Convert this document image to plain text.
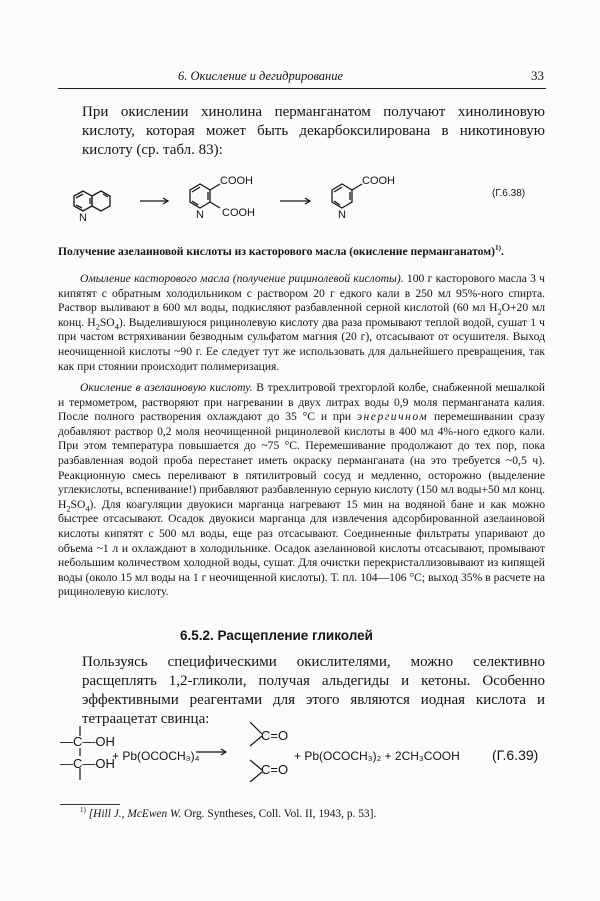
6. Окисление и дегидрирование	33
При окислении хинолина перманганатом получают хинолиновую кислоту, которая может быть декарбоксилирована в никотиновую кислоту (ср. табл. 83):
N
COOH
N COOH
COOH
N
(Г.6.38)
Получение азелаиновой кислоты из касторового масла (окисление перманганатом)$^{1)}$.
Омыление касторового масла (получение рицинолевой кислоты). 100 г касторового масла 3 ч кипятят с обратным холодильником с раствором 20 г едкого кали в 250 мл 95%-ного спирта. Раствор выливают в 600 мл воды, подкисляют разбавленной серной кислотой (60 мл $H_2O+20$ мл конц. $H_2SO_4$). Выделившуюся рицинолевую кислоту два раза промывают теплой водой, сушат 1 ч при частом встряхивании безводным сульфатом магния (20 г), отсасывают от осушителя. Выход неочищенной кислоты ~90 г. Ее следует тут же использовать для дальнейшего превращения, так как при стоянии происходит полимеризация.
Окисление в азелаиновую кислоту. В трехлитровой трехгорлой колбе, снабженной мешалкой и термометром, растворяют при нагревании в двух литрах воды 0,9 моля перманганата калия. После полного растворения охлаждают до 35 °С и при энергичном перемешивании сразу добавляют раствор 0,2 моля неочищенной рицинолевой кислоты в 400 мл 4%-ного едкого кали. При этом температура повышается до ~75 °С. Перемешивание продолжают до тех пор, пока разбавленная водой проба перестанет иметь окраску перманганата (на это требуется ~0,5 ч). Реакционную смесь переливают в пятилитровый сосуд и медленно, осторожно (выделение углекислоты, вспенивание!) прибавляют разбавленную серную кислоту (150 мл воды+50 мл конц. $H_2SO_4$). Для коагуляции двуокиси марганца нагревают 15 мин на водяной бане и как можно быстрее отсасывают. Осадок двуокиси марганца для извлечения адсорбированной азелаиновой кислоты кипятят с 500 мл воды, еще раз отсасывают. Соединенные фильтраты упаривают до объема ~1 л и охлаждают в холодильнике. Осадок азелаиновой кислоты отсасывают, промывают небольшим количеством холодной воды, сушат. Для очистки перекристаллизовывают из кипящей воды (около 15 мл воды на 1 г неочищенной кислоты). Т. пл. 104—106 °С; выход 35% в расчете на рицинолевую кислоту.
6.5.2. Расщепление гликолей
Пользуясь специфическими окислителями, можно селективно расщеплять 1,2-гликоли, получая альдегиды и кетоны. Особенно эффективными реагентами для этого являются иодная кислота и тетраацетат свинца:
—C—OH
—C—OH
+ Pb(OCOCH₃)₄
C=O
C=O
+ Pb(OCOCH₃)₂ + 2CH₃COOH (Г.6.39)
$^{1)}$ [Hill J., McEwen W. Org. Syntheses, Coll. Vol. II, 1943, p. 53].
